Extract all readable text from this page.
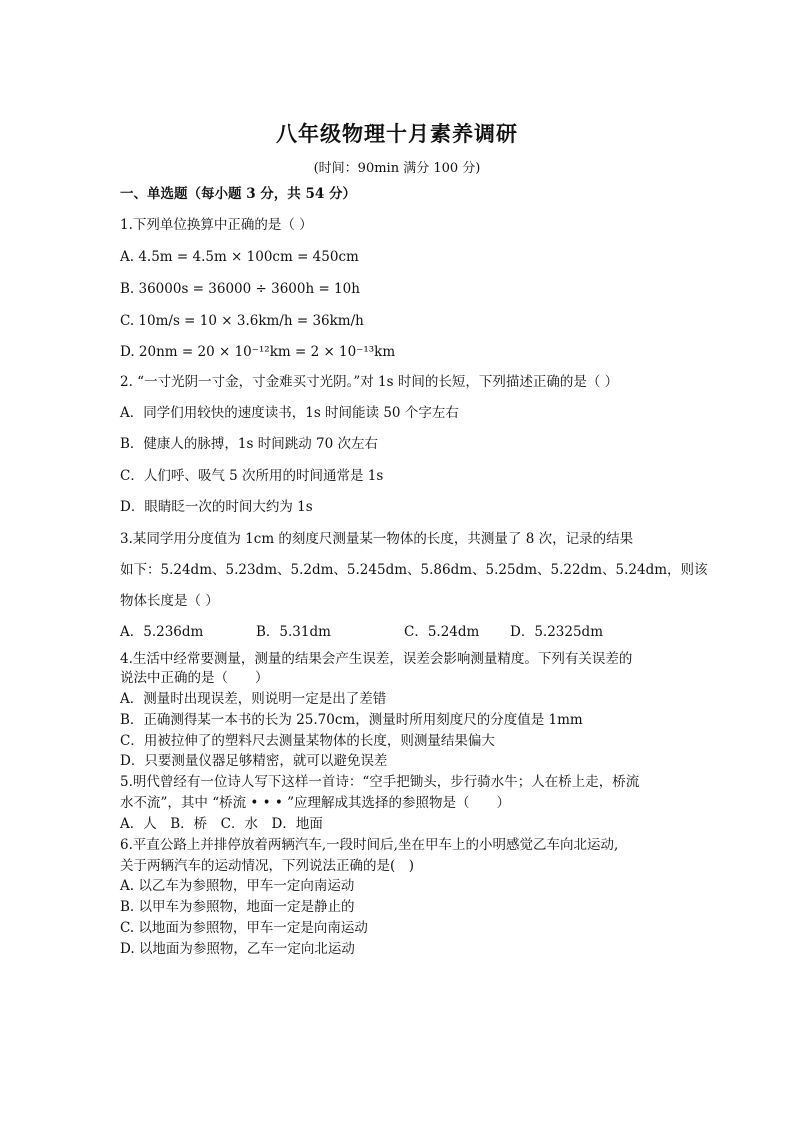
八年级物理十月素养调研
(时间：90min 满分 100 分)
一、单选题（每小题 3 分，共 54 分）
1.下列单位换算中正确的是（ ）
A. 4.5m = 4.5m × 100cm = 450cm
B. 36000s = 36000 ÷ 3600h = 10h
C. 10m/s = 10 × 3.6km/h = 36km/h
D. 20nm = 20 × 10⁻¹²km = 2 × 10⁻¹³km
2. “一寸光阴一寸金，寸金难买寸光阴。”对 1s 时间的长短，下列描述正确的是（ ）
A．同学们用较快的速度读书，1s 时间能读 50 个字左右
B．健康人的脉搏，1s 时间跳动 70 次左右
C．人们呼、吸气 5 次所用的时间通常是 1s
D．眼睛眨一次的时间大约为 1s
3.某同学用分度值为 1cm 的刻度尺测量某一物体的长度，共测量了 8 次，记录的结果
如下：5.24dm、5.23dm、5.2dm、5.245dm、5.86dm、5.25dm、5.22dm、5.24dm，则该
物体长度是（ ）
A．5.236dm	B．5.31dm	C．5.24dm D．5.2325dm
4.生活中经常要测量，测量的结果会产生误差，误差会影响测量精度。下列有关误差的
说法中正确的是（　　）
A．测量时出现误差，则说明一定是出了差错
B．正确测得某一本书的长为 25.70cm，测量时所用刻度尺的分度值是 1mm
C．用被拉伸了的塑料尺去测量某物体的长度，则测量结果偏大
D．只要测量仪器足够精密，就可以避免误差
5.明代曾经有一位诗人写下这样一首诗：“空手把锄头，步行骑水牛；人在桥上走，桥流
水不流”，其中 “桥流 • • • ”应理解成其选择的参照物是（　　）
A．人　B．桥　C．水　D．地面
6.平直公路上并排停放着两辆汽车,一段时间后,坐在甲车上的小明感觉乙车向北运动,
关于两辆汽车的运动情况，下列说法正确的是(　)
A. 以乙车为参照物，甲车一定向南运动
B. 以甲车为参照物，地面一定是静止的
C. 以地面为参照物，甲车一定是向南运动
D. 以地面为参照物，乙车一定向北运动
